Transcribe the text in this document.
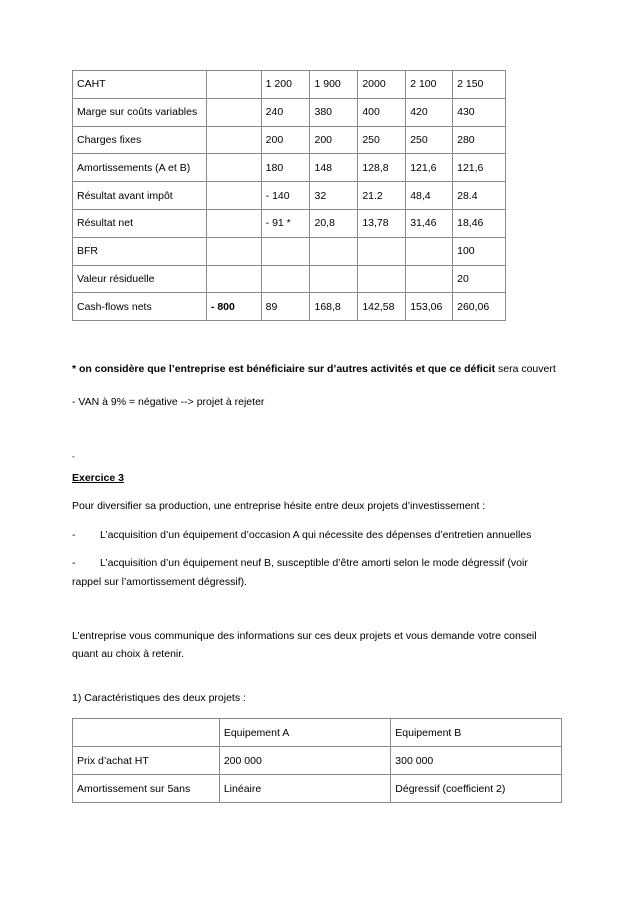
CAHT		1 200	1 900	2000	2 100	2 150
Marge sur coûts variables		240	380	400	420	430
Charges fixes		200	200	250	250	280
Amortissements (A et B)		180	148	128,8	121,6	121,6
Résultat avant impôt		- 140	32	21.2	48,4	28.4
Résultat net		- 91 *	20,8	13,78	31,46	18,46
BFR						100
Valeur résiduelle						20
Cash-flows nets	- 800	89	168,8	142,58	153,06	260,06

* on considère que l’entreprise est bénéficiaire sur d’autres activités et que ce déficit sera couvert

- VAN à 9% = négative --> projet à rejeter

-

Exercice 3

Pour diversifier sa production, une entreprise hésite entre deux projets d’investissement :

- L’acquisition d’un équipement d’occasion A qui nécessite des dépenses d’entretien annuelles

- L’acquisition d’un équipement neuf B, susceptible d’être amorti selon le mode dégressif (voir

rappel sur l’amortissement dégressif).

L’entreprise vous communique des informations sur ces deux projets et vous demande votre conseil

quant au choix à retenir.

1) Caractéristiques des deux projets :

	Equipement A	Equipement B
Prix d’achat HT	200 000	300 000
Amortissement sur 5ans	Linéaire	Dégressif (coefficient 2)
